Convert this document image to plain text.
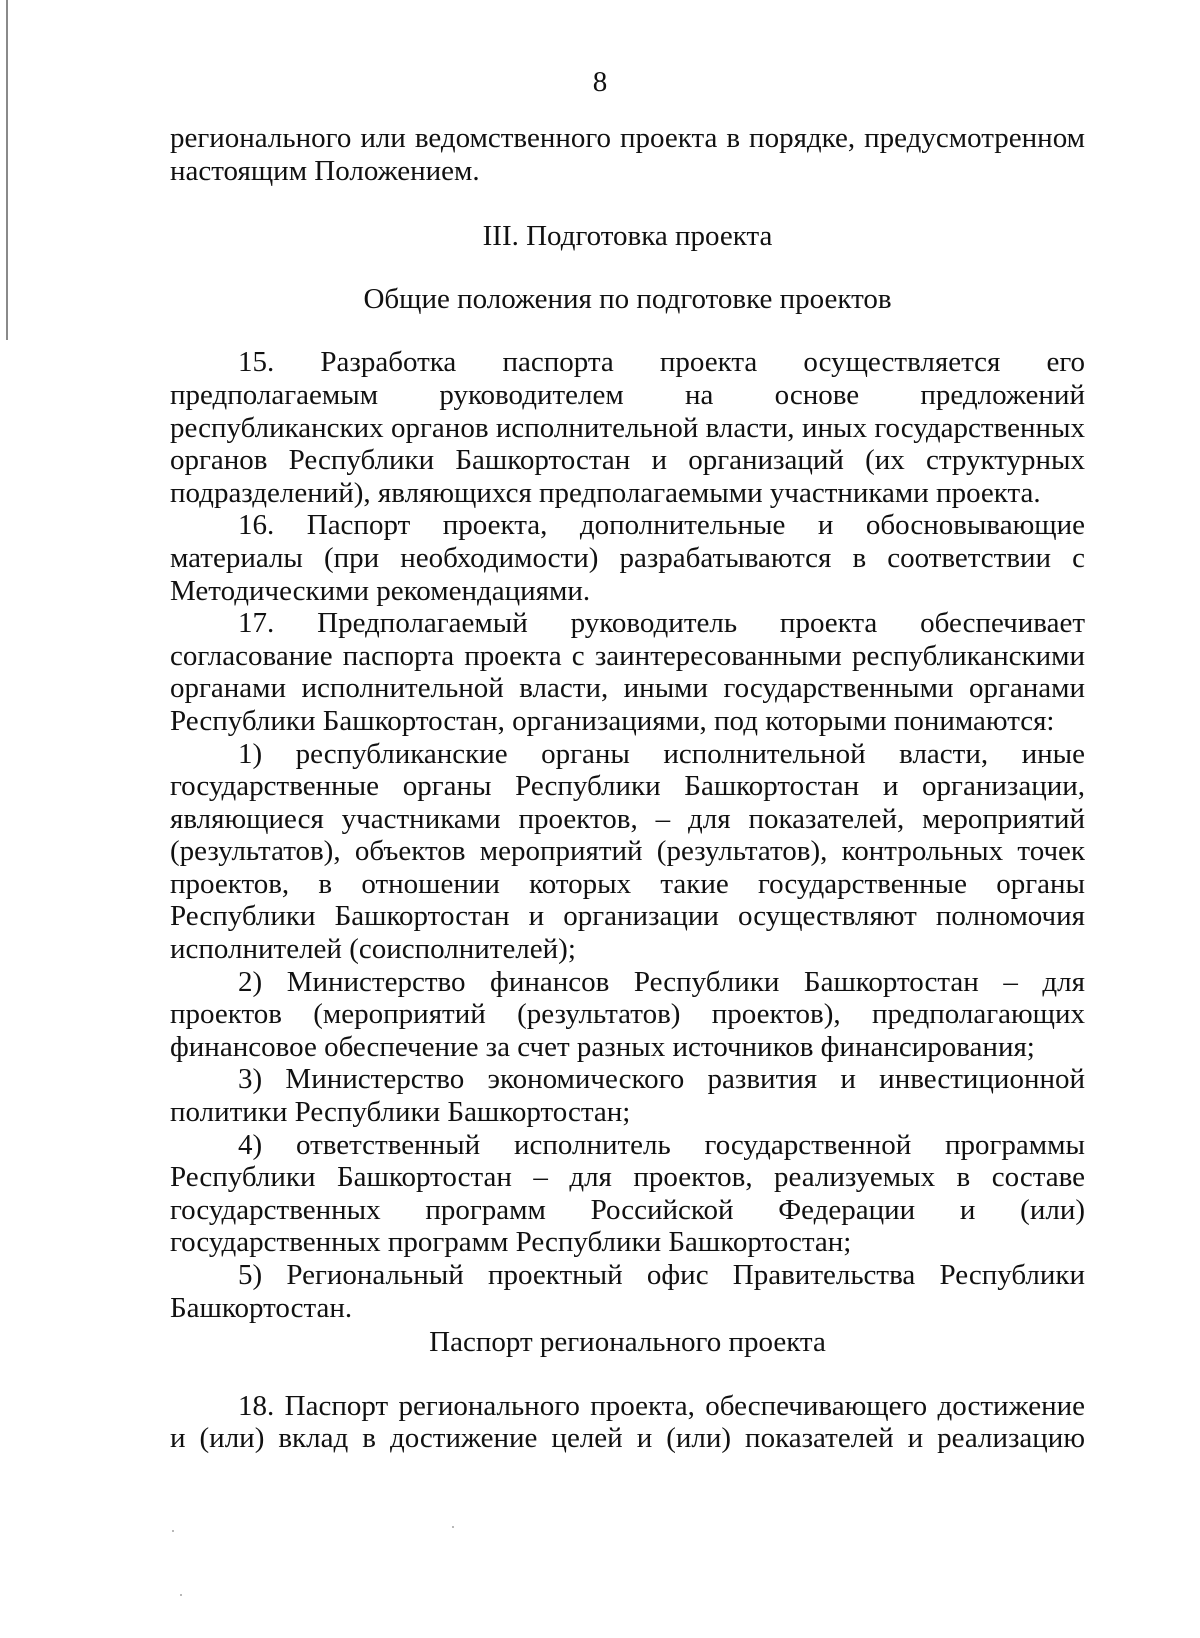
8

регионального или ведомственного проекта в порядке, предусмотренном настоящим Положением.

III. Подготовка проекта

Общие положения по подготовке проектов

15. Разработка паспорта проекта осуществляется его предполагаемым руководителем на основе предложений республиканских органов исполнительной власти, иных государственных органов Республики Башкортостан и организаций (их структурных подразделений), являющихся предполагаемыми участниками проекта.

16. Паспорт проекта, дополнительные и обосновывающие материалы (при необходимости) разрабатываются в соответствии с Методическими рекомендациями.

17. Предполагаемый руководитель проекта обеспечивает согласование паспорта проекта с заинтересованными республиканскими органами исполнительной власти, иными государственными органами Республики Башкортостан, организациями, под которыми понимаются:

1) республиканские органы исполнительной власти, иные государственные органы Республики Башкортостан и организации, являющиеся участниками проектов, – для показателей, мероприятий (результатов), объектов мероприятий (результатов), контрольных точек проектов, в отношении которых такие государственные органы Республики Башкортостан и организации осуществляют полномочия исполнителей (соисполнителей);

2) Министерство финансов Республики Башкортостан – для проектов (мероприятий (результатов) проектов), предполагающих финансовое обеспечение за счет разных источников финансирования;

3) Министерство экономического развития и инвестиционной политики Республики Башкортостан;

4) ответственный исполнитель государственной программы Республики Башкортостан – для проектов, реализуемых в составе государственных программ Российской Федерации и (или) государственных программ Республики Башкортостан;

5) Региональный проектный офис Правительства Республики Башкортостан.

Паспорт регионального проекта

18. Паспорт регионального проекта, обеспечивающего достижение и (или) вклад в достижение целей и (или) показателей и реализацию
